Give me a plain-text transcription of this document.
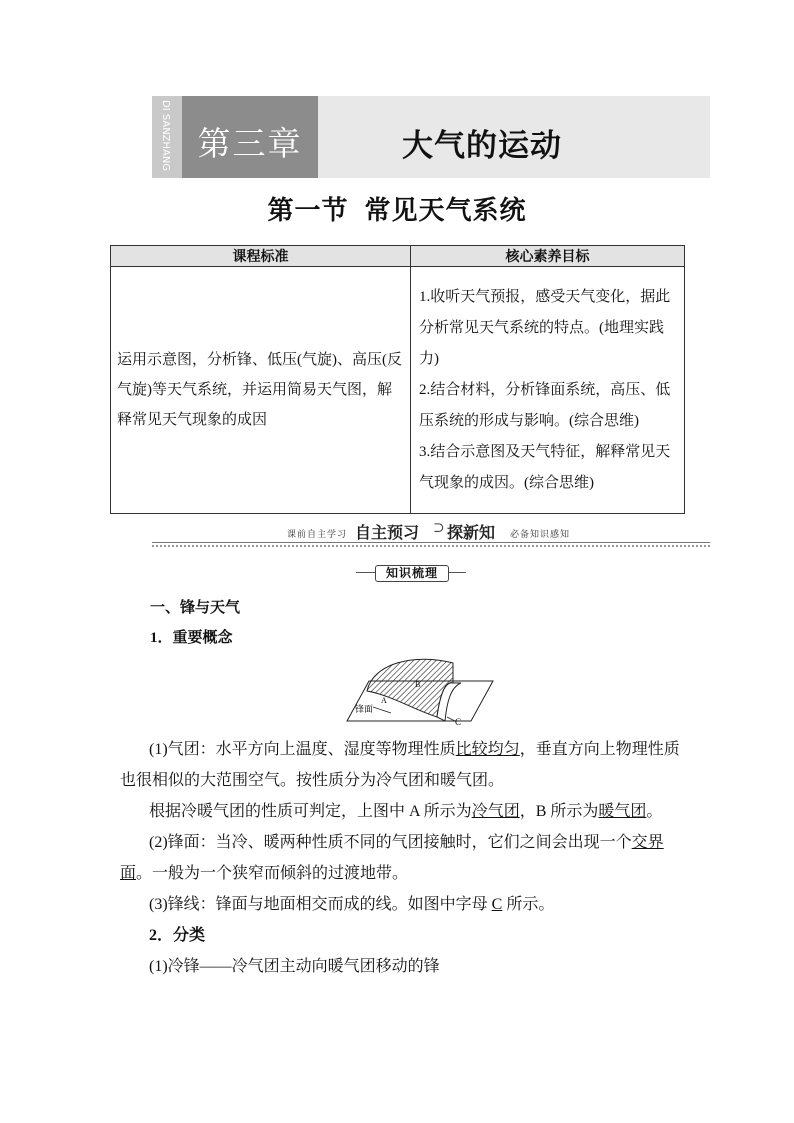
DI SANZHANG 第三章	大气的运动
第一节 常见天气系统
课程标准	核心素养目标
运用示意图，分析锋、低压(气旋)、高压(反气旋)等天气系统，并运用简易天气图，解释常见天气现象的成因	1.收听天气预报，感受天气变化，据此分析常见天气系统的特点。(地理实践力)
2.结合材料，分析锋面系统，高压、低压系统的形成与影响。(综合思维)
3.结合示意图及天气特征，解释常见天气现象的成因。(综合思维)
课前自主学习 自主预习 ⊃ 探新知 必备知识感知
知识梳理
一、锋与天气
1．重要概念
锋面
A
B
C
(1)气团：水平方向上温度、湿度等物理性质比较均匀，垂直方向上物理性质也很相似的大范围空气。按性质分为冷气团和暖气团。
根据冷暖气团的性质可判定，上图中 A 所示为冷气团，B 所示为暖气团。
(2)锋面：当冷、暖两种性质不同的气团接触时，它们之间会出现一个交界面。一般为一个狭窄而倾斜的过渡地带。
(3)锋线：锋面与地面相交而成的线。如图中字母 C 所示。
2．分类
(1)冷锋——冷气团主动向暖气团移动的锋
